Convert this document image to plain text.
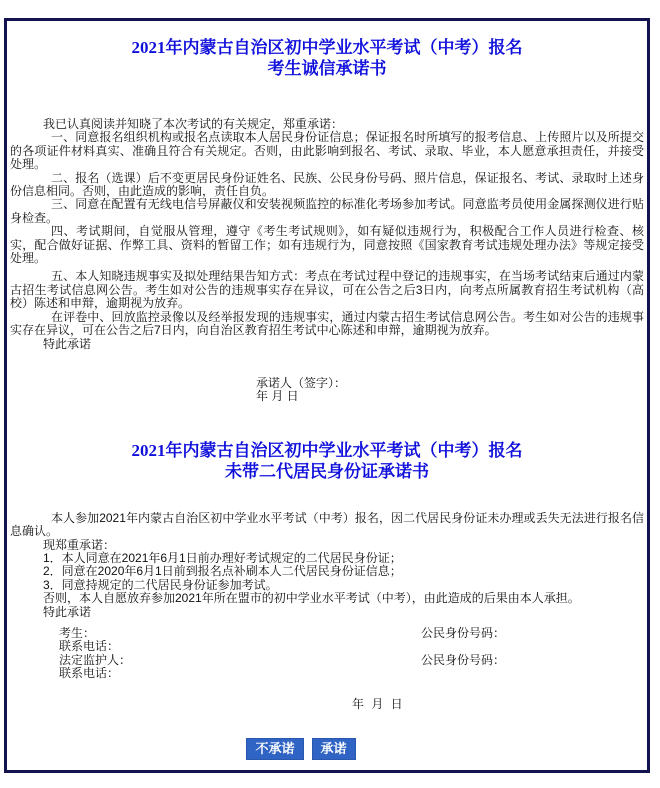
2021年内蒙古自治区初中学业水平考试（中考）报名
考生诚信承诺书

我已认真阅读并知晓了本次考试的有关规定，郑重承诺：

一、同意报名组织机构或报名点读取本人居民身份证信息；保证报名时所填写的报考信息、上传照片以及所提交的各项证件材料真实、准确且符合有关规定。否则，由此影响到报名、考试、录取、毕业，本人愿意承担责任，并接受处理。

二、报名（选课）后不变更居民身份证姓名、民族、公民身份号码、照片信息，保证报名、考试、录取时上述身份信息相同。否则，由此造成的影响，责任自负。

三、同意在配置有无线电信号屏蔽仪和安装视频监控的标准化考场参加考试。同意监考员使用金属探测仪进行贴身检查。

四、考试期间，自觉服从管理，遵守《考生考试规则》，如有疑似违规行为，积极配合工作人员进行检查、核实，配合做好证据、作弊工具、资料的暂留工作；如有违规行为，同意按照《国家教育考试违规处理办法》等规定接受处理。

五、本人知晓违规事实及拟处理结果告知方式：考点在考试过程中登记的违规事实，在当场考试结束后通过内蒙古招生考试信息网公告。考生如对公告的违规事实存在异议，可在公告之后3日内，向考点所属教育招生考试机构（高校）陈述和申辩，逾期视为放弃。

在评卷中、回放监控录像以及经举报发现的违规事实，通过内蒙古招生考试信息网公告。考生如对公告的违规事实存在异议，可在公告之后7日内，向自治区教育招生考试中心陈述和申辩，逾期视为放弃。

特此承诺

承诺人（签字）：
年 月 日
2021年内蒙古自治区初中学业水平考试（中考）报名
未带二代居民身份证承诺书

本人参加2021年内蒙古自治区初中学业水平考试（中考）报名，因二代居民身份证未办理或丢失无法进行报名信息确认。

现郑重承诺：

1．本人同意在2021年6月1日前办理好考试规定的二代居民身份证；

2．同意在2020年6月1日前到报名点补刷本人二代居民身份证信息；

3．同意持规定的二代居民身份证参加考试。

否则，本人自愿放弃参加2021年所在盟市的初中学业水平考试（中考），由此造成的后果由本人承担。

特此承诺

考生：	公民身份号码：
联系电话：
法定监护人：	公民身份号码：
联系电话：
年 月 日
不承诺	承诺
